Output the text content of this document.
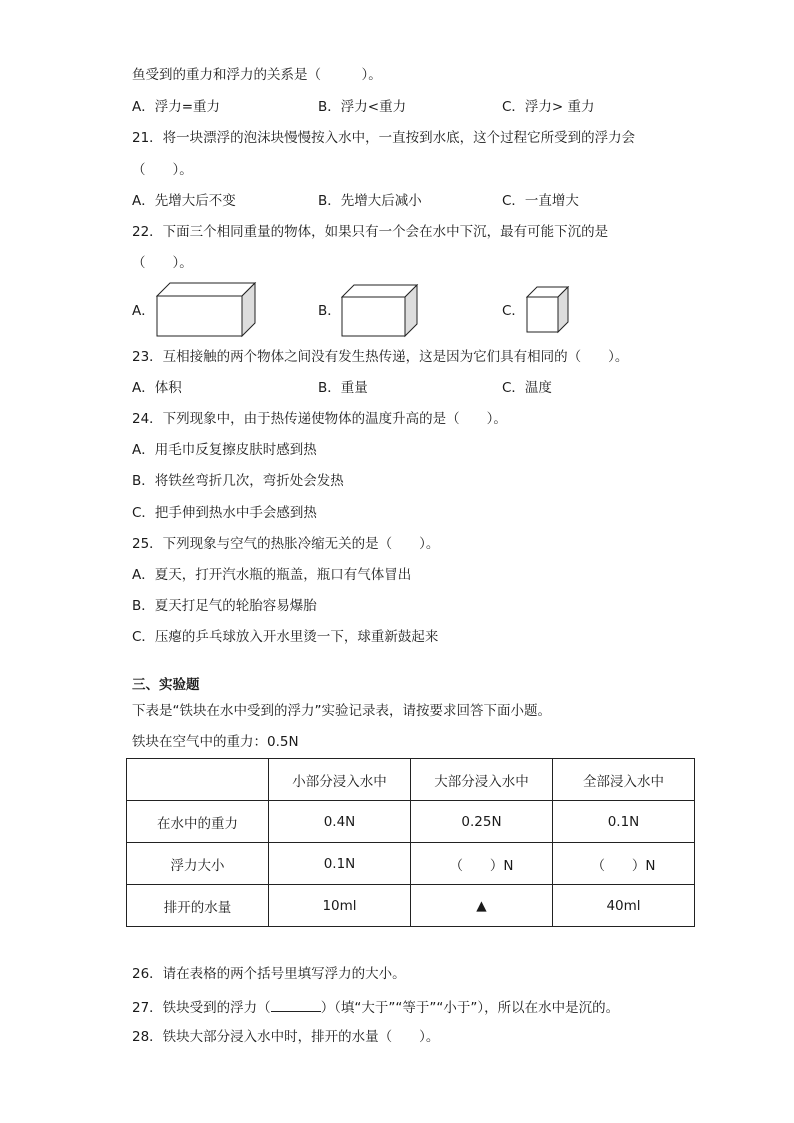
鱼受到的重力和浮力的关系是（　　　）。
A．浮力=重力	B．浮力<重力	C．浮力> 重力
21．将一块漂浮的泡沫块慢慢按入水中，一直按到水底，这个过程它所受到的浮力会
（　　）。
A．先增大后不变	B．先增大后减小	C．一直增大
22．下面三个相同重量的物体，如果只有一个会在水中下沉，最有可能下沉的是
（　　）。
A．	B．	C．
23．互相接触的两个物体之间没有发生热传递，这是因为它们具有相同的（　　）。
A．体积	B．重量	C．温度
24．下列现象中，由于热传递使物体的温度升高的是（　　）。
A．用毛巾反复擦皮肤时感到热
B．将铁丝弯折几次，弯折处会发热
C．把手伸到热水中手会感到热
25．下列现象与空气的热胀冷缩无关的是（　　）。
A．夏天，打开汽水瓶的瓶盖，瓶口有气体冒出
B．夏天打足气的轮胎容易爆胎
C．压瘪的乒乓球放入开水里烫一下，球重新鼓起来
三、实验题
下表是“铁块在水中受到的浮力”实验记录表，请按要求回答下面小题。
铁块在空气中的重力：0.5N
	小部分浸入水中	大部分浸入水中	全部浸入水中
在水中的重力	0.4N	0.25N	0.1N
浮力大小	0.1N	（　　）N	（　　）N
排开的水量	10ml	▲	40ml
26．请在表格的两个括号里填写浮力的大小。
27．铁块受到的浮力（	）（填“大于”“等于”“小于”），所以在水中是沉的。
28．铁块大部分浸入水中时，排开的水量（　　）。
